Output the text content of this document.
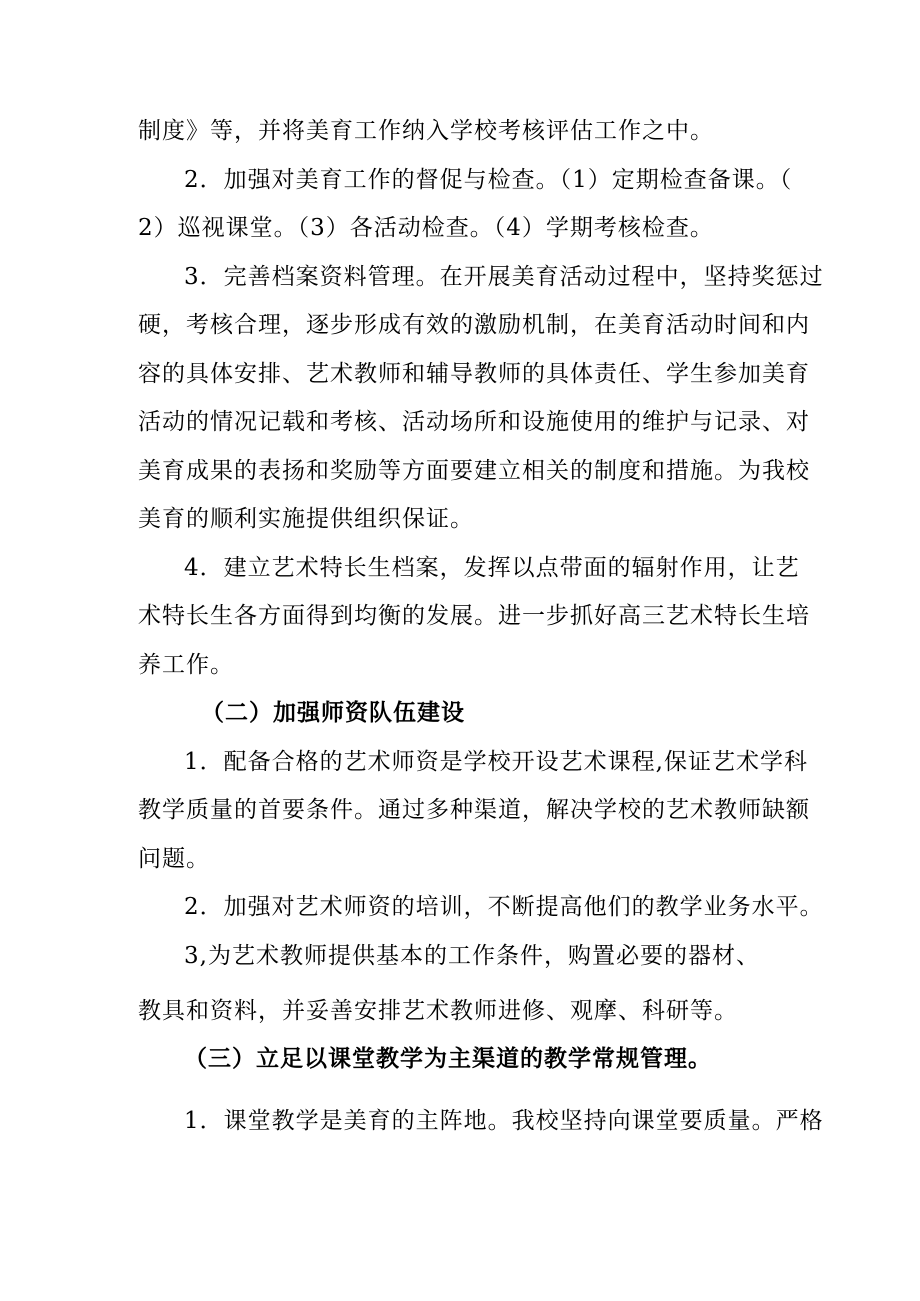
制度》等，并将美育工作纳入学校考核评估工作之中。

2．加强对美育工作的督促与检查。（1）定期检查备课。（

2）巡视课堂。（3）各活动检查。（4）学期考核检查。

3．完善档案资料管理。在开展美育活动过程中，坚持奖惩过

硬，考核合理，逐步形成有效的激励机制，在美育活动时间和内

容的具体安排、艺术教师和辅导教师的具体责任、学生参加美育

活动的情况记载和考核、活动场所和设施使用的维护与记录、对

美育成果的表扬和奖励等方面要建立相关的制度和措施。为我校

美育的顺利实施提供组织保证。

4．建立艺术特长生档案，发挥以点带面的辐射作用，让艺

术特长生各方面得到均衡的发展。进一步抓好高三艺术特长生培

养工作。

（二）加强师资队伍建设

1．配备合格的艺术师资是学校开设艺术课程,保证艺术学科

教学质量的首要条件。通过多种渠道，解决学校的艺术教师缺额

问题。

2．加强对艺术师资的培训，不断提高他们的教学业务水平。

3,为艺术教师提供基本的工作条件，购置必要的器材、

教具和资料，并妥善安排艺术教师进修、观摩、科研等。

（三）立足以课堂教学为主渠道的教学常规管理。

1．课堂教学是美育的主阵地。我校坚持向课堂要质量。严格
